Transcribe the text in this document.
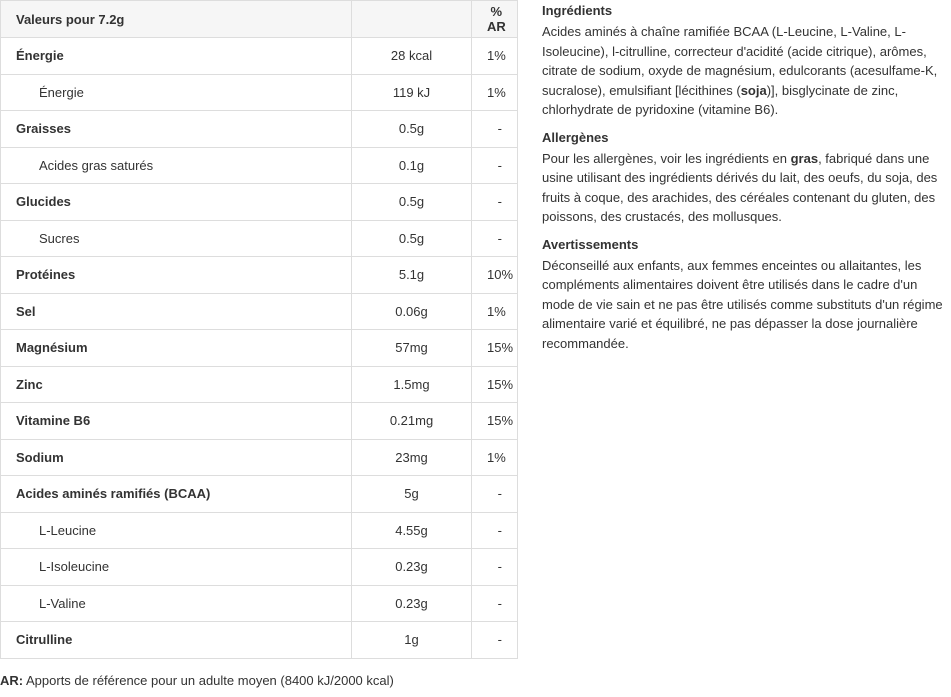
Valeurs pour 7.2g		% AR
Énergie	28 kcal	1%
Énergie	119 kJ	1%
Graisses	0.5g	-
Acides gras saturés	0.1g	-
Glucides	0.5g	-
Sucres	0.5g	-
Protéines	5.1g	10%
Sel	0.06g	1%
Magnésium	57mg	15%
Zinc	1.5mg	15%
Vitamine B6	0.21mg	15%
Sodium	23mg	1%
Acides aminés ramifiés (BCAA)	5g	-
L-Leucine	4.55g	-
L-Isoleucine	0.23g	-
L-Valine	0.23g	-
Citrulline	1g	-
AR: Apports de référence pour un adulte moyen (8400 kJ/2000 kcal)
Ingrédients

Acides aminés à chaîne ramifiée BCAA (L-Leucine, L-Valine, L-Isoleucine), l-citrulline, correcteur d'acidité (acide citrique), arômes, citrate de sodium, oxyde de magnésium, edulcorants (acesulfame-K, sucralose), emulsifiant [lécithines (soja)], bisglycinate de zinc, chlorhydrate de pyridoxine (vitamine B6).

Allergènes

Pour les allergènes, voir les ingrédients en gras, fabriqué dans une usine utilisant des ingrédients dérivés du lait, des oeufs, du soja, des fruits à coque, des arachides, des céréales contenant du gluten, des poissons, des crustacés, des mollusques.

Avertissements

Déconseillé aux enfants, aux femmes enceintes ou allaitantes, les compléments alimentaires doivent être utilisés dans le cadre d'un mode de vie sain et ne pas être utilisés comme substituts d'un régime alimentaire varié et équilibré, ne pas dépasser la dose journalière recommandée.
